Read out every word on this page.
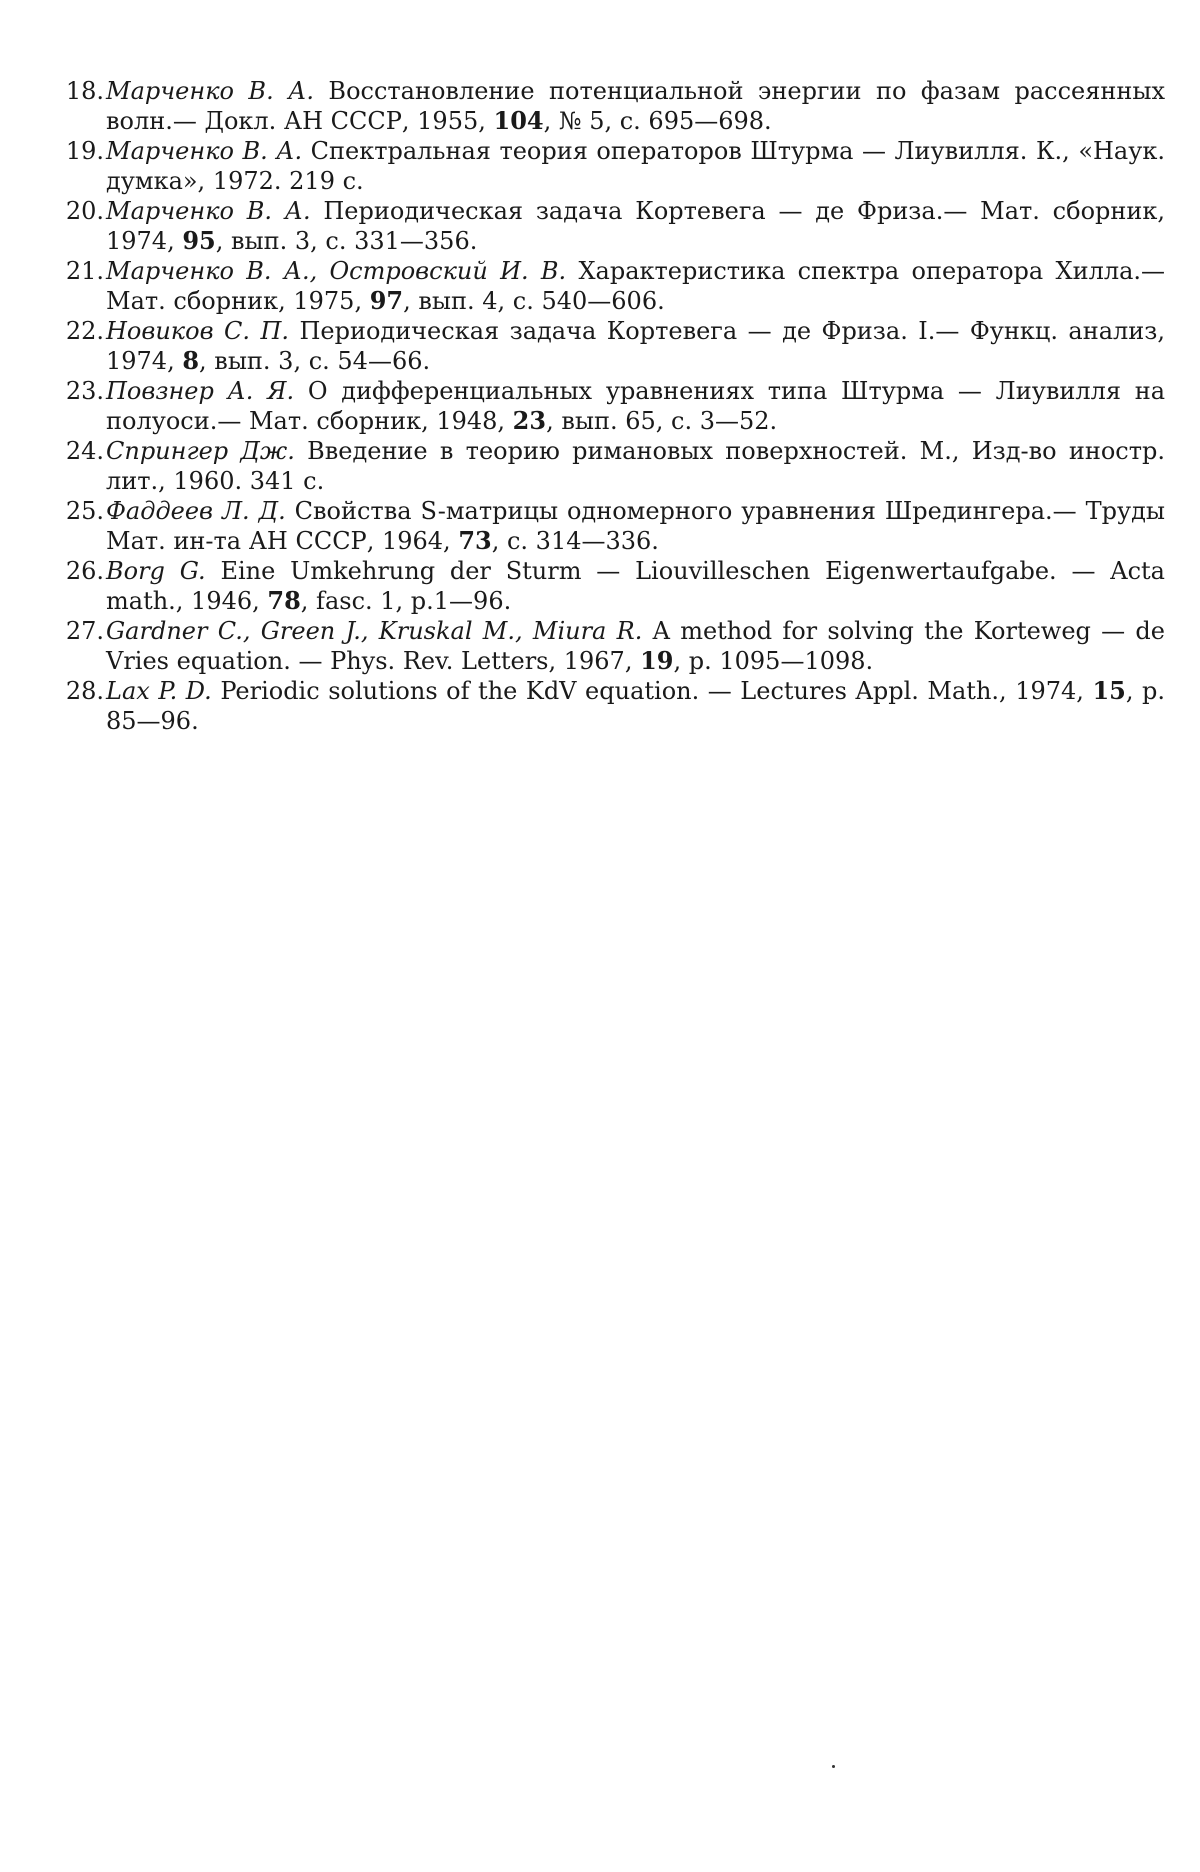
18. Марченко В. А. Восстановление потенциальной энергии по фазам рассеянных волн.— Докл. АН СССР, 1955, 104, № 5, с. 695—698.

19. Марченко В. А. Спектральная теория операторов Штурма — Лиувилля. К., «Наук. думка», 1972. 219 с.

20. Марченко В. А. Периодическая задача Кортевега — де Фриза.— Мат. сборник, 1974, 95, вып. 3, с. 331—356.

21. Марченко В. А., Островский И. В. Характеристика спектра оператора Хилла.— Мат. сборник, 1975, 97, вып. 4, с. 540—606.

22. Новиков С. П. Периодическая задача Кортевега — де Фриза. I.— Функц. анализ, 1974, 8, вып. 3, с. 54—66.

23. Повзнер А. Я. О дифференциальных уравнениях типа Штурма — Лиувилля на полуоси.— Мат. сборник, 1948, 23, вып. 65, с. 3—52.

24. Спрингер Дж. Введение в теорию римановых поверхностей. М., Изд-во иностр. лит., 1960. 341 с.

25. Фаддеев Л. Д. Свойства S-матрицы одномерного уравнения Шредингера.— Труды Мат. ин-та АН СССР, 1964, 73, с. 314—336.

26. Borg G. Eine Umkehrung der Sturm — Liouvilleschen Eigenwertaufgabe. — Acta math., 1946, 78, fasc. 1, p.1—96.

27. Gardner C., Green J., Kruskal M., Miura R. A method for solving the Korteweg — de Vries equation. — Phys. Rev. Letters, 1967, 19, p. 1095—1098.

28. Lax P. D. Periodic solutions of the KdV equation. — Lectures Appl. Math., 1974, 15, p. 85—96.
